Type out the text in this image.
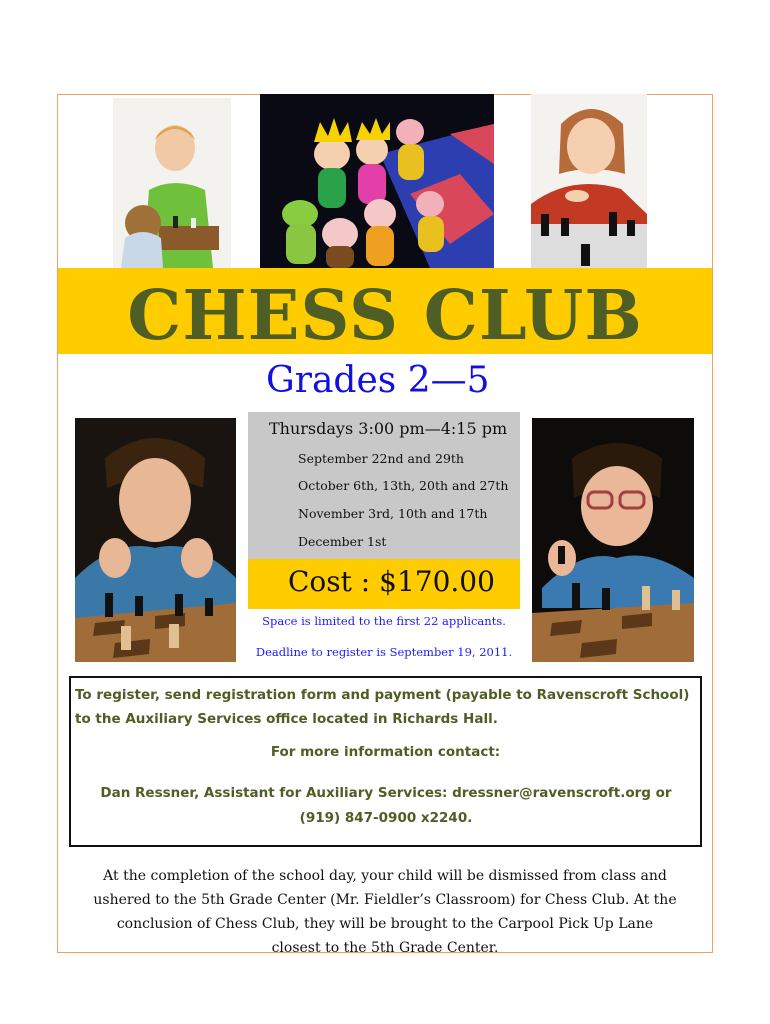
CHESS CLUB
Grades 2—5
Thursdays 3:00 pm—4:15 pm
September 22nd and 29th
October 6th, 13th, 20th and 27th
November 3rd, 10th and 17th
December 1st
Cost : $170.00
Space is limited to the first 22 applicants.
Deadline to register is September 19, 2011.
To register, send registration form and payment (payable to Ravenscroft School) to the Auxiliary Services office located in Richards Hall.
For more information contact:
Dan Ressner, Assistant for Auxiliary Services: dressner@ravenscroft.org or (919) 847-0900 x2240.
At the completion of the school day, your child will be dismissed from class and ushered to the 5th Grade Center (Mr. Fieldler’s Classroom) for Chess Club. At the conclusion of Chess Club, they will be brought to the Carpool Pick Up Lane closest to the 5th Grade Center.
